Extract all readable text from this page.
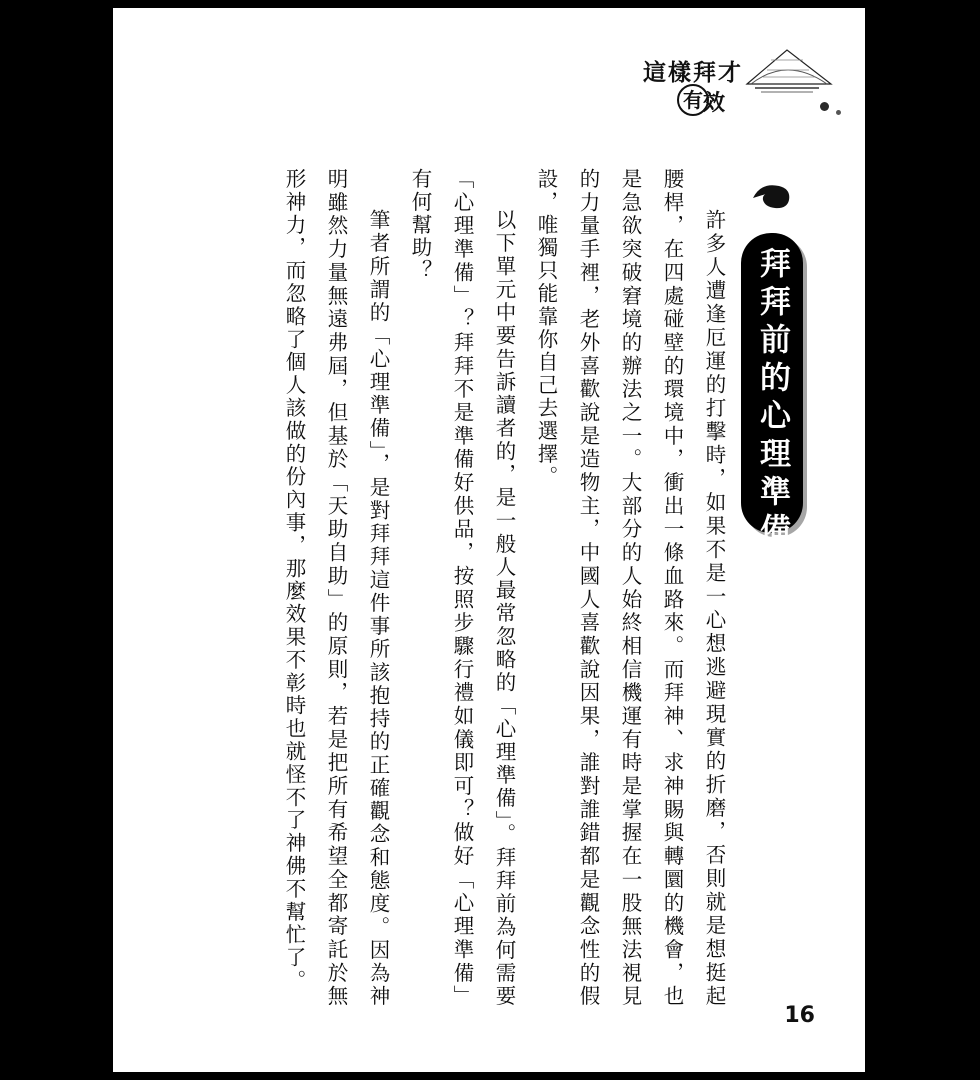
這樣拜才
有 效
拜拜前的心理準備

許多人遭逢厄運的打擊時，如果不是一心想逃避現實的折磨，否則就是想挺起腰桿，在四處碰壁的環境中，衝出一條血路來。而拜神、求神賜與轉圜的機會，也是急欲突破窘境的辦法之一。大部分的人始終相信機運有時是掌握在一股無法視見的力量手裡，老外喜歡說是造物主，中國人喜歡說因果，誰對誰錯都是觀念性的假設，唯獨只能靠你自己去選擇。

以下單元中要告訴讀者的，是一般人最常忽略的「心理準備」。拜拜前為何需要「心理準備」？拜拜不是準備好供品，按照步驟行禮如儀即可？做好「心理準備」有何幫助？

筆者所謂的「心理準備」，是對拜拜這件事所該抱持的正確觀念和態度。因為神明雖然力量無遠弗屆，但基於「天助自助」的原則，若是把所有希望全都寄託於無形神力，而忽略了個人該做的份內事，那麼效果不彰時也就怪不了神佛不幫忙了。

16
